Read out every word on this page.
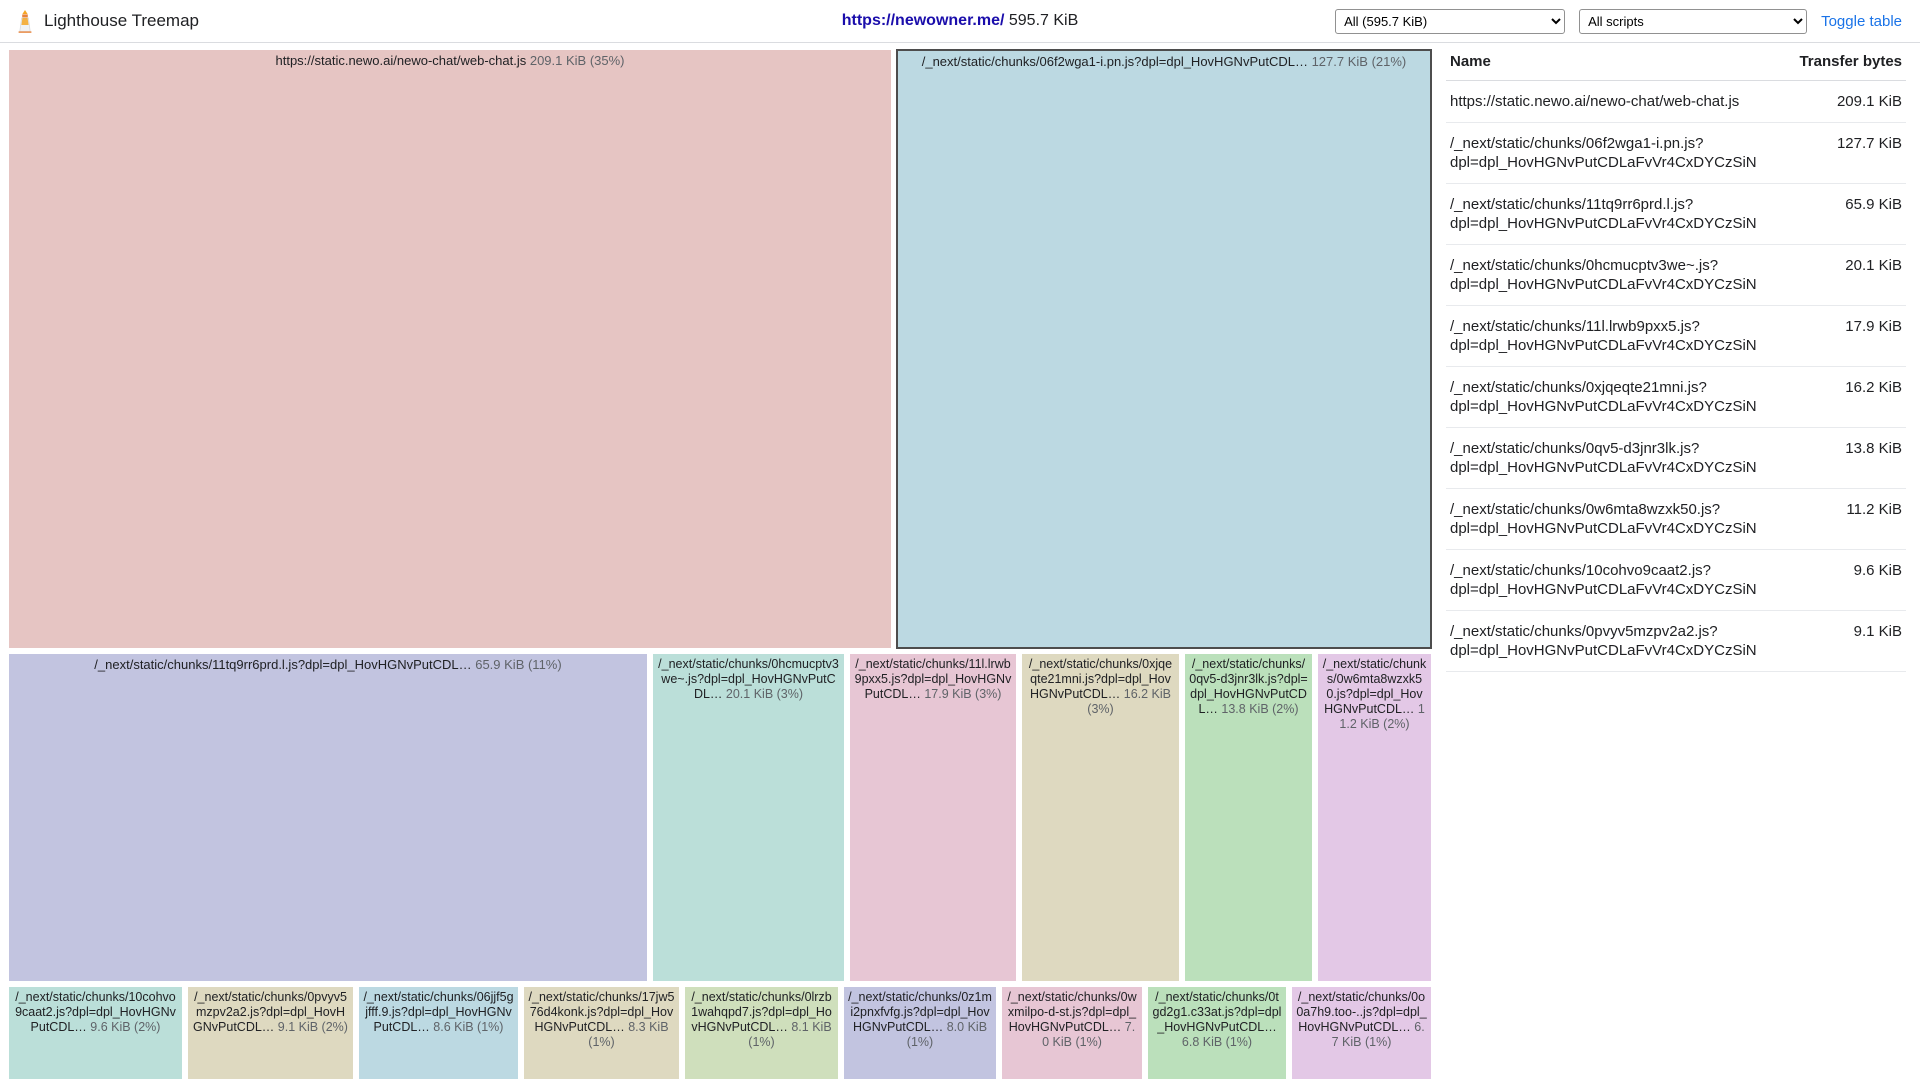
Lighthouse Treemap	https://newowner.me/ 595.7 KiB
All (595.7 KiB)
All scripts	Toggle table
https://static.newo.ai/newo-chat/web-chat.js 209.1 KiB (35%)	/_next/static/chunks/06f2wga1-i.pn.js?dpl=dpl_HovHGNvPutCDL… 127.7 KiB (21%)
/_next/static/chunks/11tq9rr6prd.l.js?dpl=dpl_HovHGNvPutCDL… 65.9 KiB (11%)	/_next/static/chunks/0hcmucptv3we~.js?dpl=dpl_HovHGNvPutCDL… 20.1 KiB (3%)
/_next/static/chunks/11l.lrwb9pxx5.js?dpl=dpl_HovHGNvPutCDL… 17.9 KiB (3%)
/_next/static/chunks/0xjqeqte21mni.js?dpl=dpl_HovHGNvPutCDL… 16.2 KiB (3%)
/_next/static/chunks/0qv5-d3jnr3lk.js?dpl=dpl_HovHGNvPutCDL… 13.8 KiB (2%)
/_next/static/chunks/0w6mta8wzxk50.js?dpl=dpl_HovHGNvPutCDL… 11.2 KiB (2%)
/_next/static/chunks/10cohvo9caat2.js?dpl=dpl_HovHGNvPutCDL… 9.6 KiB (2%)
/_next/static/chunks/0pvyv5mzpv2a2.js?dpl=dpl_HovHGNvPutCDL… 9.1 KiB (2%)
/_next/static/chunks/06jjf5gjfff.9.js?dpl=dpl_HovHGNvPutCDL… 8.6 KiB (1%)
/_next/static/chunks/17jw576d4konk.js?dpl=dpl_HovHGNvPutCDL… 8.3 KiB (1%)
/_next/static/chunks/0lrzb1wahqpd7.js?dpl=dpl_HovHGNvPutCDL… 8.1 KiB (1%)
/_next/static/chunks/0z1mi2pnxfvfg.js?dpl=dpl_HovHGNvPutCDL… 8.0 KiB (1%)
/_next/static/chunks/0wxmilpo-d-st.js?dpl=dpl_HovHGNvPutCDL… 7.0 KiB (1%)
/_next/static/chunks/0tgd2g1.c33at.js?dpl=dpl_HovHGNvPutCDL… 6.8 KiB (1%)
/_next/static/chunks/0o0a7h9.too-..js?dpl=dpl_HovHGNvPutCDL… 6.7 KiB (1%)
Name	Transfer bytes
https://static.newo.ai/newo-chat/web-chat.js	209.1 KiB
/_next/static/chunks/06f2wga1-i.pn.js?dpl=dpl_HovHGNvPutCDLaFvVr4CxDYCzSiN	127.7 KiB
/_next/static/chunks/11tq9rr6prd.l.js?dpl=dpl_HovHGNvPutCDLaFvVr4CxDYCzSiN	65.9 KiB
/_next/static/chunks/0hcmucptv3we~.js?dpl=dpl_HovHGNvPutCDLaFvVr4CxDYCzSiN	20.1 KiB
/_next/static/chunks/11l.lrwb9pxx5.js?dpl=dpl_HovHGNvPutCDLaFvVr4CxDYCzSiN	17.9 KiB
/_next/static/chunks/0xjqeqte21mni.js?dpl=dpl_HovHGNvPutCDLaFvVr4CxDYCzSiN	16.2 KiB
/_next/static/chunks/0qv5-d3jnr3lk.js?dpl=dpl_HovHGNvPutCDLaFvVr4CxDYCzSiN	13.8 KiB
/_next/static/chunks/0w6mta8wzxk50.js?dpl=dpl_HovHGNvPutCDLaFvVr4CxDYCzSiN	11.2 KiB
/_next/static/chunks/10cohvo9caat2.js?dpl=dpl_HovHGNvPutCDLaFvVr4CxDYCzSiN	9.6 KiB
/_next/static/chunks/0pvyv5mzpv2a2.js?dpl=dpl_HovHGNvPutCDLaFvVr4CxDYCzSiN	9.1 KiB
